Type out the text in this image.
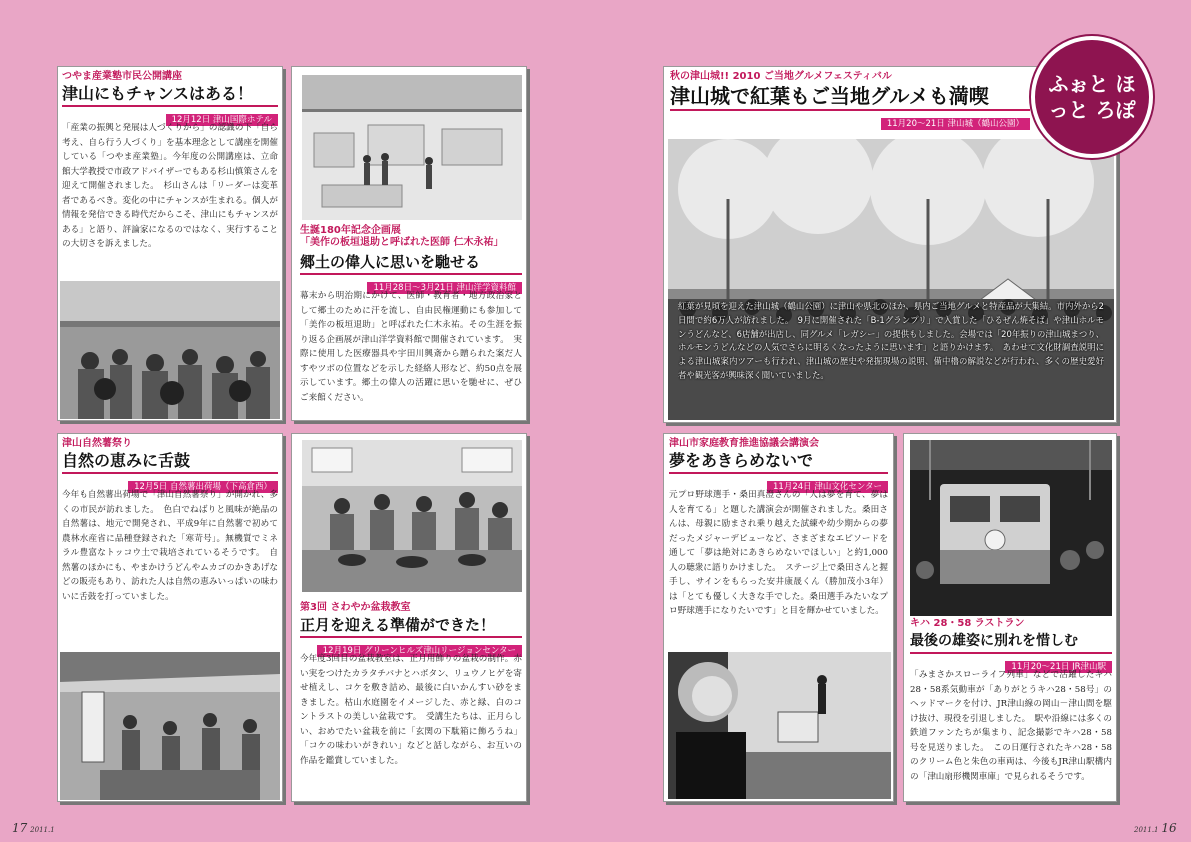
つやま産業塾市民公開講座
津山にもチャンスはある！
12月12日 津山国際ホテル
「産業の振興と発展は人づくりから」の認識の下「自ら考え、自ら行う人づくり」を基本理念として講座を開催している「つやま産業塾」。今年度の公開講座は、立命館大学教授で市政アドバイザーでもある杉山慎策さんを迎えて開催されました。　杉山さんは「リーダーは変革者であるべき。変化の中にチャンスが生まれる。個人が情報を発信できる時代だからこそ、津山にもチャンスがある」と語り、評論家になるのではなく、実行することの大切さを訴えました。
生誕180年記念企画展
「美作の板垣退助と呼ばれた医師 仁木永祐」
郷土の偉人に思いを馳せる
11月28日～3月21日 津山洋学資料館
幕末から明治期にかけて、医師・教育者・地方政治家として郷土のために汗を流し、自由民権運動にも参加して「美作の板垣退助」と呼ばれた仁木永祐。その生涯を振り返る企画展が津山洋学資料館で開催されています。　実際に使用した医療器具や宇田川興斎から贈られた案だ人すやツボの位置などを示した経絡人形など、約50点を展示しています。郷土の偉人の活躍に思いを馳せに、ぜひご来館ください。
津山自然薯祭り
自然の恵みに舌鼓
12月5日 自然薯出荷場（下高倉西）
今年も自然薯出荷場で「津山自然薯祭り」が開かれ、多くの市民が訪れました。　色白でねばりと風味が絶品の自然薯は、地元で開発され、平成9年に自然薯で初めて農林水産省に品種登録された「寒苛号」。無機質でミネラル豊富なトッコウ土で栽培されているそうです。　自然薯のほかにも、やまかけうどんやムカゴのかきあげなどの販売もあり、訪れた人は自然の恵みいっぱいの味わいに舌鼓を打っていました。
第3回 さわやか盆栽教室
正月を迎える準備ができた！
12月19日 グリーンヒルズ津山リージョンセンター
今年度3回目の盆栽教室は、正月用飾りの盆栽の制作。赤い実をつけたカラタチバナとハボタン、リュウノヒゲを寄せ植えし、コケを敷き詰め、最後に白いかんすい砂をまきました。枯山水庭園をイメージした、赤と緑、白のコントラストの美しい盆栽です。　受講生たちは、正月らしい、おめでたい盆栽を前に「玄関の下駄箱に飾ろうね」「コケの味わいがきれい」などと話しながら、お互いの作品を鑑賞していました。
秋の津山城!! 2010 ご当地グルメフェスティバル
津山城で紅葉もご当地グルメも満喫
11月20～21日 津山城（鶴山公園）
紅葉が見頃を迎えた津山城（鶴山公園）に津山や県北のほか、県内ご当地グルメと特産品が大集結。市内外から2日間で約6万人が訪れました。　9月に開催された「B-1グランプリ」で入賞した「ひるぜん焼そば」や津山ホルモンうどんなど、6店舗が出店し、同グルメ「レガシー」の提供もしました。会場では「20年振りの津山城まつり、ホルモンうどんなどの人気でさらに明るくなったように思います」と語りかけます。　あわせて文化財調査説明による津山城案内ツアーも行われ、津山城の歴史や発掘現場の説明、備中櫓の解説などが行われ、多くの歴史愛好者や観光客が興味深く聞いていました。
ふぉと ほっと ろぽ
津山市家庭教育推進協議会講演会
夢をあきらめないで
11月24日 津山文化センター
元プロ野球選手・桑田真澄さんの「人は夢を育て、夢は人を育てる」と題した講演会が開催されました。桑田さんは、母親に励まされ乗り越えた試練や幼少期からの夢だったメジャーデビューなど、さまざまなエピソードを通して「夢は絶対にあきらめないでほしい」と約1,000人の聴衆に語りかけました。　ステージ上で桑田さんと握手し、サインをもらった安井康晟くん（勝加茂小3年）は「とても優しく大きな手でした。桑田選手みたいなプロ野球選手になりたいです」と目を輝かせていました。
キハ 28・58 ラストラン
最後の雄姿に別れを惜しむ
11月20～21日 JR津山駅
「みまさかスローライフ列車」などで活躍したキハ28・58系気動車が「ありがとうキハ28・58号」のヘッドマークを付け、JR津山線の岡山－津山間を駆け抜け、現役を引退しました。　駅や沿線には多くの鉄道ファンたちが集まり、記念撮影でキハ28・58号を見送りました。　この日運行されたキハ28・58のクリーム色と朱色の車両は、今後もJR津山駅構内の「津山扇形機関車庫」で見られるそうです。
17 2011.1	2011.1 16
